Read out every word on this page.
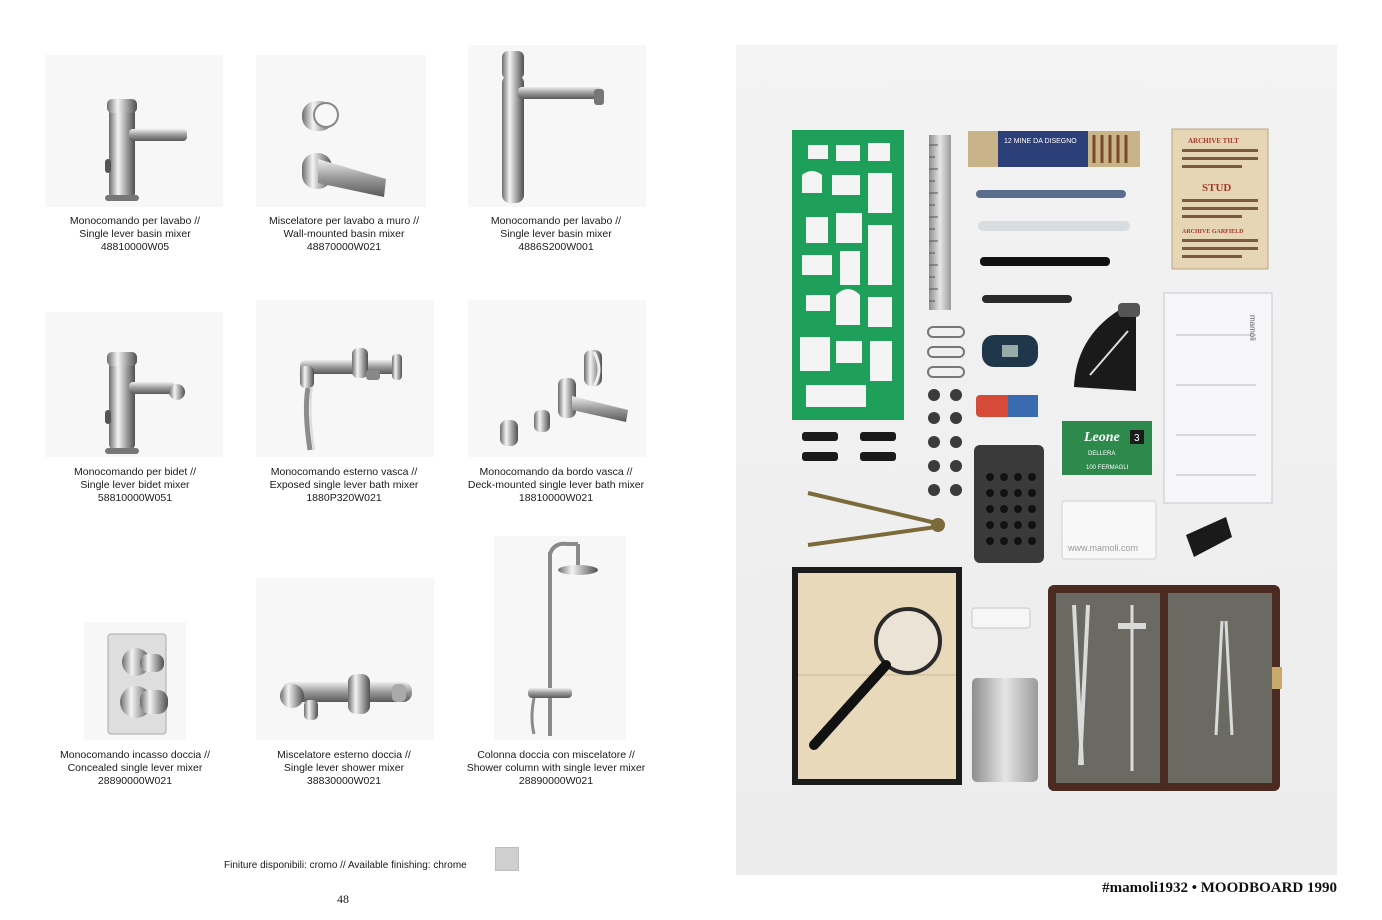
Monocomando per lavabo //
Single lever basin mixer
48810000W05
Miscelatore per lavabo a muro //
Wall-mounted basin mixer
48870000W021
Monocomando per lavabo //
Single lever basin mixer
4886S200W001
Monocomando per bidet //
Single lever bidet mixer
58810000W051
Monocomando esterno vasca //
Exposed single lever bath mixer
1880P320W021
Monocomando da bordo vasca //
Deck-mounted single lever bath mixer
18810000W021
Monocomando incasso doccia //
Concealed single lever mixer
28890000W021
Miscelatore esterno doccia //
Single lever shower mixer
38830000W021
Colonna doccia con miscelatore //
Shower column with single lever mixer
28890000W021
Finiture disponibili: cromo // Available finishing: chrome
48
12 MINE DA DISEGNO	ARCHIVE TILT
STUD
ARCHIVE GARFIELD
mamoli
Leone
DELLERA
100 FERMAGLI
3
www.mamoli.com
#mamoli1932 • MOODBOARD 1990
